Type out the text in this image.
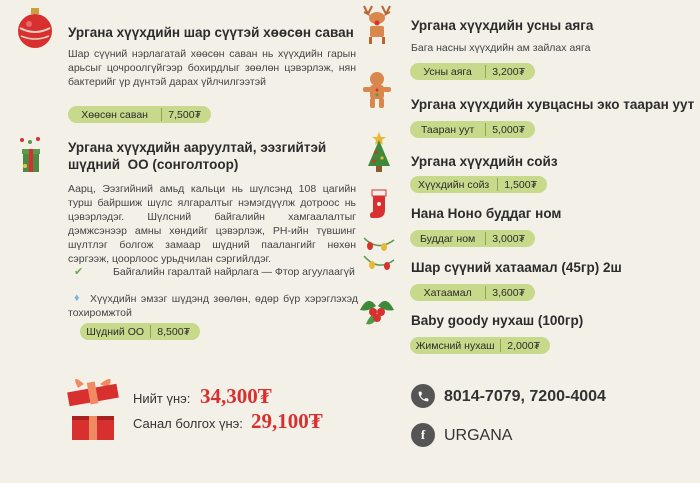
Ургана хүүхдийн шар сүүтэй хөөсөн саван
Шар сүүний нэрлагатай хөөсөн саван нь хүүхдийн гарын арьсыг цочроолгүйгээр бохирдлыг зөөлөн цэвэрлэж, нян бактерийг үр дүнтэй дарах үйлчилгээтэй
Хөөсөн саван	7,500₮
Ургана хүүхдийн ааруултай, ээзгийтэй
шүдний  ОО (сонголтоор)
Аарц, Ээзгийний амьд кальци нь шүлсэнд 108 цагийн турш байршиж шүлс ялгаралтыг нэмэгдүүлж дотроос нь цэвэрлэдэг. Шүлсний байгалийн хамгаалалтыг дэмжсэнээр амны хөндийг цэвэрлэж, PH-ийн түвшинг шүлтлэг болгож замаар шүдний паалангийг нөхөн сэргээж, цоорлоос урьдчилан сэргийлдэг.
✔	Байгалийн гаралтай найрлага — Фтор агуулаагүй
♦ Хүүхдийн эмзэг шүдэнд зөөлөн, өдөр бүр хэрэглэхэд тохиромжтой
Шүдний ОО	8,500₮
Нийт үнэ: 34,300₮
Санал болгох үнэ: 29,100₮
Ургана хүүхдийн усны аяга
Бага насны хүүхдийн ам зайлах аяга
Усны аяга	3,200₮
Ургана хүүхдийн хувцасны эко тааран уут
Тааран уут	5,000₮
Ургана хүүхдийн сойз
Хүүхдийн сойз	1,500₮
Нана Ноно буддаг ном
Буддаг ном	3,000₮
Шар сүүний хатаамал (45гр) 2ш
Хатаамал	3,600₮
Baby goody нухаш (100гр)
Жимсний нухаш	2,000₮
8014-7079, 7200-4004
f	URGANA
